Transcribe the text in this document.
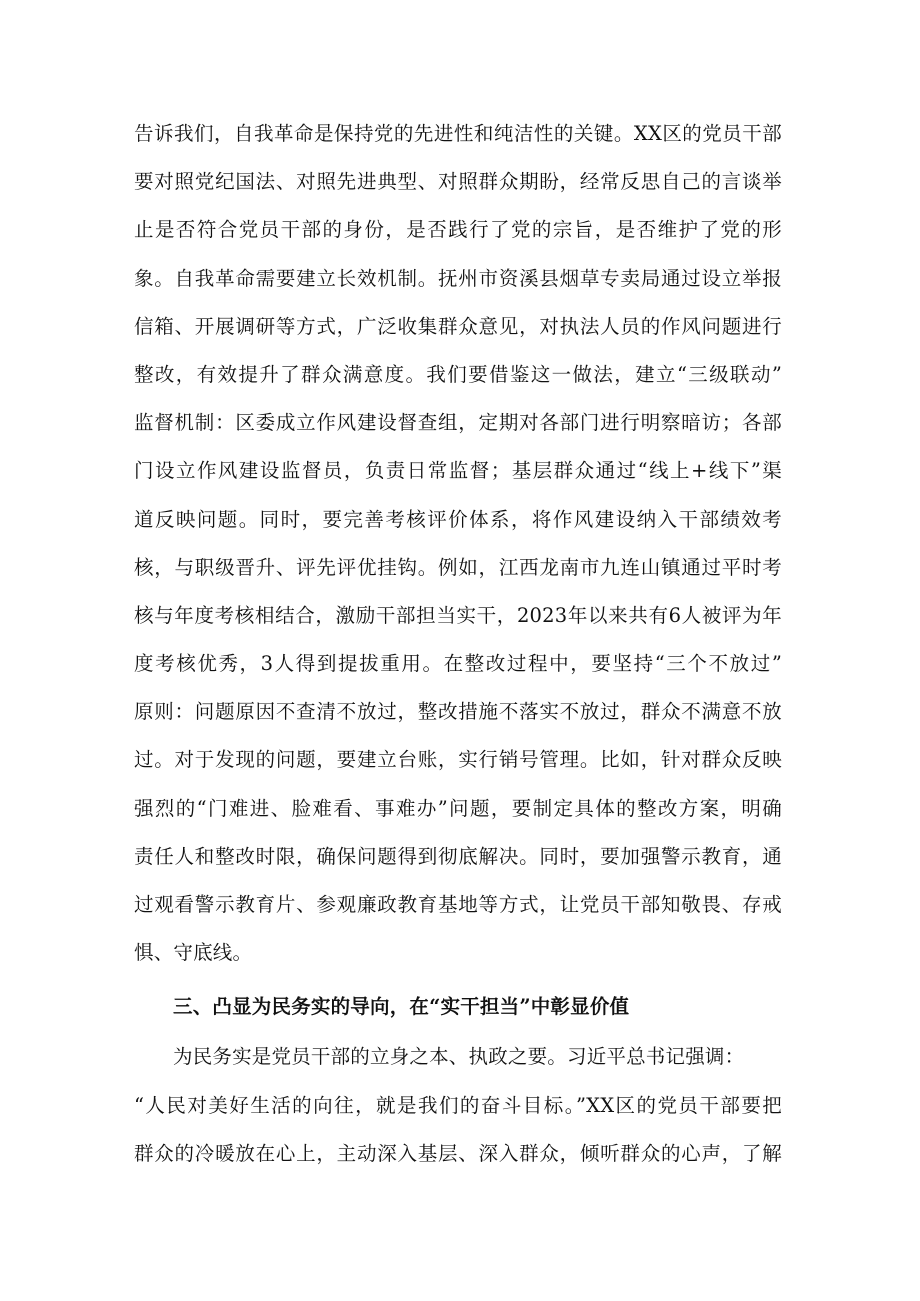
告诉我们，自我革命是保持党的先进性和纯洁性的关键。XX区的党员干部
要对照党纪国法、对照先进典型、对照群众期盼，经常反思自己的言谈举
止是否符合党员干部的身份，是否践行了党的宗旨，是否维护了党的形
象。自我革命需要建立长效机制。抚州市资溪县烟草专卖局通过设立举报
信箱、开展调研等方式，广泛收集群众意见，对执法人员的作风问题进行
整改，有效提升了群众满意度。我们要借鉴这一做法，建立“三级联动”
监督机制：区委成立作风建设督查组，定期对各部门进行明察暗访；各部
门设立作风建设监督员，负责日常监督；基层群众通过“线上+线下”渠
道反映问题。同时，要完善考核评价体系，将作风建设纳入干部绩效考
核，与职级晋升、评先评优挂钩。例如，江西龙南市九连山镇通过平时考
核与年度考核相结合，激励干部担当实干，2023年以来共有6人被评为年
度考核优秀，3人得到提拔重用。在整改过程中，要坚持“三个不放过”
原则：问题原因不查清不放过，整改措施不落实不放过，群众不满意不放
过。对于发现的问题，要建立台账，实行销号管理。比如，针对群众反映
强烈的“门难进、脸难看、事难办”问题，要制定具体的整改方案，明确
责任人和整改时限，确保问题得到彻底解决。同时，要加强警示教育，通
过观看警示教育片、参观廉政教育基地等方式，让党员干部知敬畏、存戒
惧、守底线。
三、凸显为民务实的导向，在“实干担当”中彰显价值
为民务实是党员干部的立身之本、执政之要。习近平总书记强调：
“人民对美好生活的向往，就是我们的奋斗目标。”XX区的党员干部要把
群众的冷暖放在心上，主动深入基层、深入群众，倾听群众的心声，了解
